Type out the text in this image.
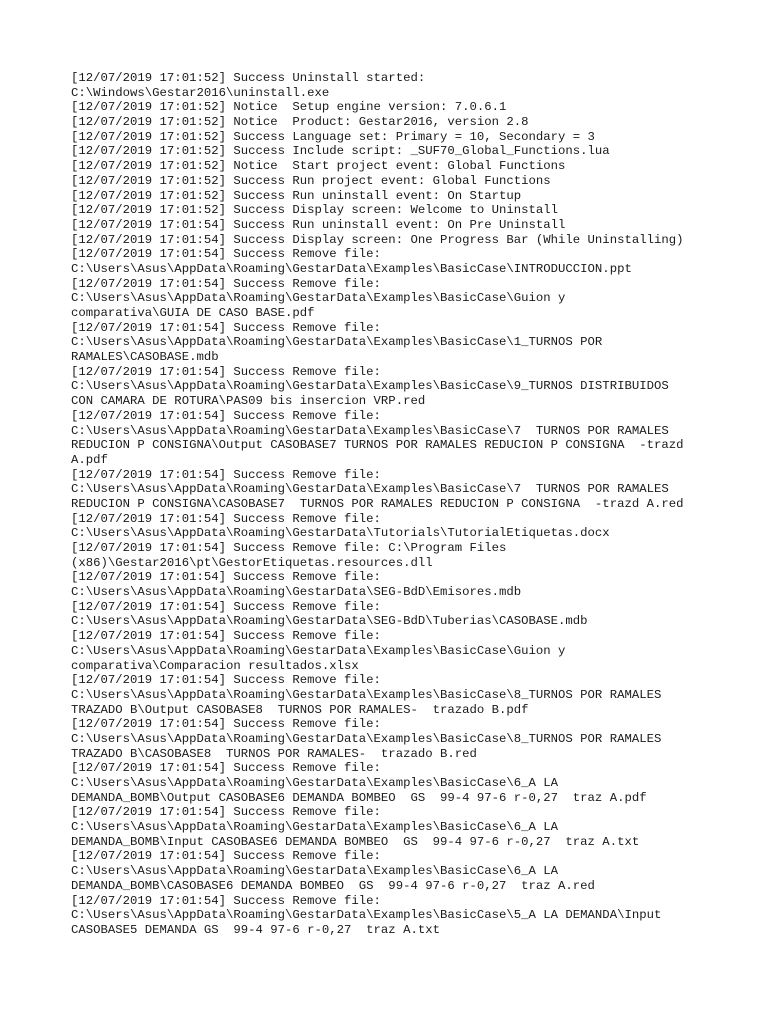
[12/07/2019 17:01:52] Success Uninstall started:
C:\Windows\Gestar2016\uninstall.exe
[12/07/2019 17:01:52] Notice  Setup engine version: 7.0.6.1
[12/07/2019 17:01:52] Notice  Product: Gestar2016, version 2.8
[12/07/2019 17:01:52] Success Language set: Primary = 10, Secondary = 3
[12/07/2019 17:01:52] Success Include script: _SUF70_Global_Functions.lua
[12/07/2019 17:01:52] Notice  Start project event: Global Functions
[12/07/2019 17:01:52] Success Run project event: Global Functions
[12/07/2019 17:01:52] Success Run uninstall event: On Startup
[12/07/2019 17:01:52] Success Display screen: Welcome to Uninstall
[12/07/2019 17:01:54] Success Run uninstall event: On Pre Uninstall
[12/07/2019 17:01:54] Success Display screen: One Progress Bar (While Uninstalling)
[12/07/2019 17:01:54] Success Remove file:
C:\Users\Asus\AppData\Roaming\GestarData\Examples\BasicCase\INTRODUCCION.ppt
[12/07/2019 17:01:54] Success Remove file:
C:\Users\Asus\AppData\Roaming\GestarData\Examples\BasicCase\Guion y
comparativa\GUIA DE CASO BASE.pdf
[12/07/2019 17:01:54] Success Remove file:
C:\Users\Asus\AppData\Roaming\GestarData\Examples\BasicCase\1_TURNOS POR
RAMALES\CASOBASE.mdb
[12/07/2019 17:01:54] Success Remove file:
C:\Users\Asus\AppData\Roaming\GestarData\Examples\BasicCase\9_TURNOS DISTRIBUIDOS
CON CAMARA DE ROTURA\PAS09 bis insercion VRP.red
[12/07/2019 17:01:54] Success Remove file:
C:\Users\Asus\AppData\Roaming\GestarData\Examples\BasicCase\7  TURNOS POR RAMALES
REDUCION P CONSIGNA\Output CASOBASE7 TURNOS POR RAMALES REDUCION P CONSIGNA  -trazd
A.pdf
[12/07/2019 17:01:54] Success Remove file:
C:\Users\Asus\AppData\Roaming\GestarData\Examples\BasicCase\7  TURNOS POR RAMALES
REDUCION P CONSIGNA\CASOBASE7  TURNOS POR RAMALES REDUCION P CONSIGNA  -trazd A.red
[12/07/2019 17:01:54] Success Remove file:
C:\Users\Asus\AppData\Roaming\GestarData\Tutorials\TutorialEtiquetas.docx
[12/07/2019 17:01:54] Success Remove file: C:\Program Files
(x86)\Gestar2016\pt\GestorEtiquetas.resources.dll
[12/07/2019 17:01:54] Success Remove file:
C:\Users\Asus\AppData\Roaming\GestarData\SEG-BdD\Emisores.mdb
[12/07/2019 17:01:54] Success Remove file:
C:\Users\Asus\AppData\Roaming\GestarData\SEG-BdD\Tuberias\CASOBASE.mdb
[12/07/2019 17:01:54] Success Remove file:
C:\Users\Asus\AppData\Roaming\GestarData\Examples\BasicCase\Guion y
comparativa\Comparacion resultados.xlsx
[12/07/2019 17:01:54] Success Remove file:
C:\Users\Asus\AppData\Roaming\GestarData\Examples\BasicCase\8_TURNOS POR RAMALES
TRAZADO B\Output CASOBASE8  TURNOS POR RAMALES-  trazado B.pdf
[12/07/2019 17:01:54] Success Remove file:
C:\Users\Asus\AppData\Roaming\GestarData\Examples\BasicCase\8_TURNOS POR RAMALES
TRAZADO B\CASOBASE8  TURNOS POR RAMALES-  trazado B.red
[12/07/2019 17:01:54] Success Remove file:
C:\Users\Asus\AppData\Roaming\GestarData\Examples\BasicCase\6_A LA
DEMANDA_BOMB\Output CASOBASE6 DEMANDA BOMBEO  GS  99-4 97-6 r-0,27  traz A.pdf
[12/07/2019 17:01:54] Success Remove file:
C:\Users\Asus\AppData\Roaming\GestarData\Examples\BasicCase\6_A LA
DEMANDA_BOMB\Input CASOBASE6 DEMANDA BOMBEO  GS  99-4 97-6 r-0,27  traz A.txt
[12/07/2019 17:01:54] Success Remove file:
C:\Users\Asus\AppData\Roaming\GestarData\Examples\BasicCase\6_A LA
DEMANDA_BOMB\CASOBASE6 DEMANDA BOMBEO  GS  99-4 97-6 r-0,27  traz A.red
[12/07/2019 17:01:54] Success Remove file:
C:\Users\Asus\AppData\Roaming\GestarData\Examples\BasicCase\5_A LA DEMANDA\Input
CASOBASE5 DEMANDA GS  99-4 97-6 r-0,27  traz A.txt
